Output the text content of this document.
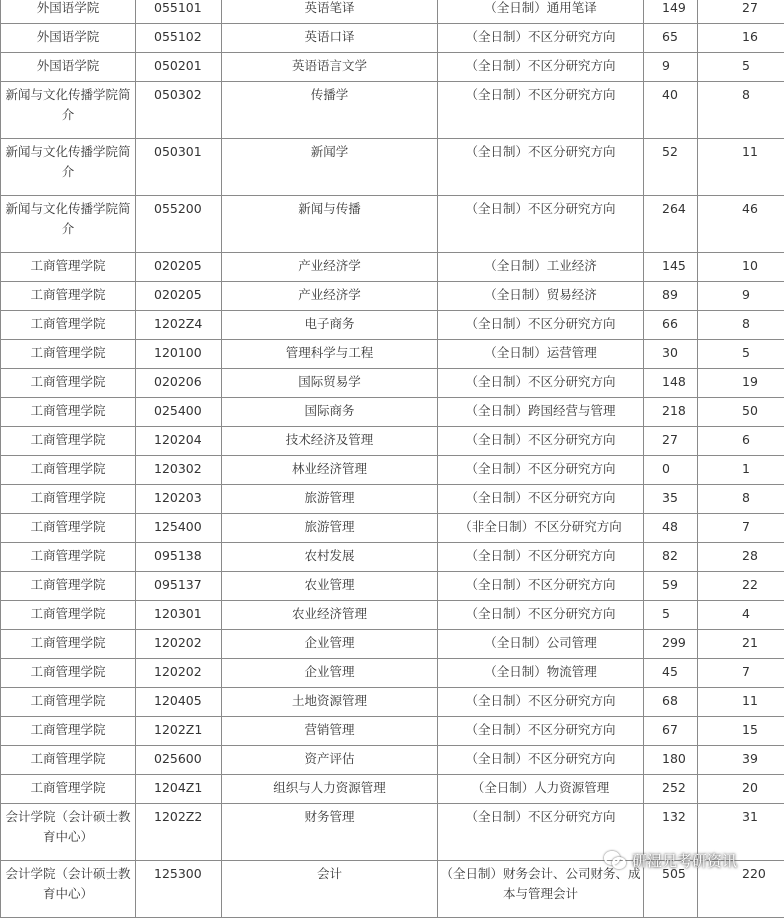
外国语学院	055101	英语笔译	（全日制）通用笔译	149	27
外国语学院	055102	英语口译	（全日制）不区分研究方向	65	16
外国语学院	050201	英语语言文学	（全日制）不区分研究方向	9	5
新闻与文化传播学院简介	050302	传播学	（全日制）不区分研究方向	40	8
新闻与文化传播学院简介	050301	新闻学	（全日制）不区分研究方向	52	11
新闻与文化传播学院简介	055200	新闻与传播	（全日制）不区分研究方向	264	46
工商管理学院	020205	产业经济学	（全日制）工业经济	145	10
工商管理学院	020205	产业经济学	（全日制）贸易经济	89	9
工商管理学院	1202Z4	电子商务	（全日制）不区分研究方向	66	8
工商管理学院	120100	管理科学与工程	（全日制）运营管理	30	5
工商管理学院	020206	国际贸易学	（全日制）不区分研究方向	148	19
工商管理学院	025400	国际商务	（全日制）跨国经营与管理	218	50
工商管理学院	120204	技术经济及管理	（全日制）不区分研究方向	27	6
工商管理学院	120302	林业经济管理	（全日制）不区分研究方向	0	1
工商管理学院	120203	旅游管理	（全日制）不区分研究方向	35	8
工商管理学院	125400	旅游管理	（非全日制）不区分研究方向	48	7
工商管理学院	095138	农村发展	（全日制）不区分研究方向	82	28
工商管理学院	095137	农业管理	（全日制）不区分研究方向	59	22
工商管理学院	120301	农业经济管理	（全日制）不区分研究方向	5	4
工商管理学院	120202	企业管理	（全日制）公司管理	299	21
工商管理学院	120202	企业管理	（全日制）物流管理	45	7
工商管理学院	120405	土地资源管理	（全日制）不区分研究方向	68	11
工商管理学院	1202Z1	营销管理	（全日制）不区分研究方向	67	15
工商管理学院	025600	资产评估	（全日制）不区分研究方向	180	39
工商管理学院	1204Z1	组织与人力资源管理	（全日制）人力资源管理	252	20
会计学院（会计硕士教育中心）	1202Z2	财务管理	（全日制）不区分研究方向	132	31
会计学院（会计硕士教育中心）	125300	会计	（全日制）财务会计、公司财务、成本与管理会计	505	220
研湿兄考研资讯
